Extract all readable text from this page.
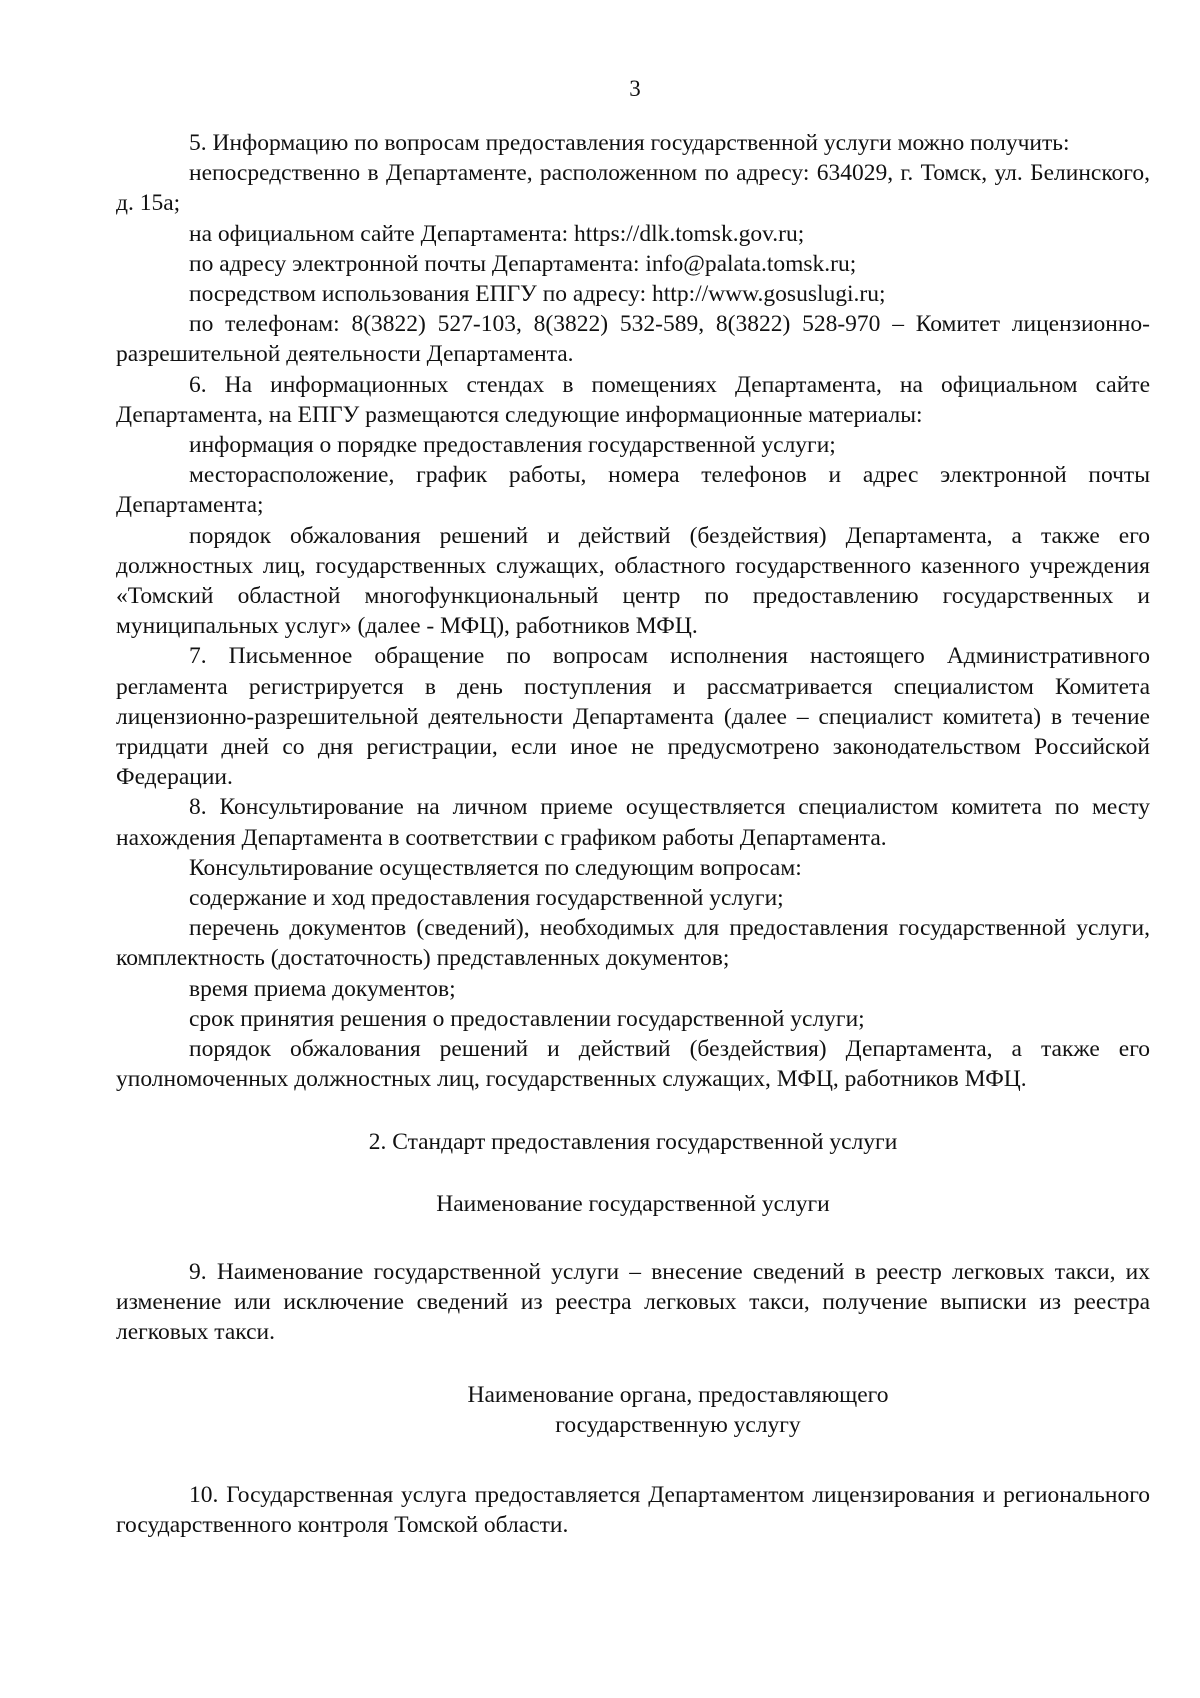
3

5. Информацию по вопросам предоставления государственной услуги можно получить:

непосредственно в Департаменте, расположенном по адресу: 634029, г. Томск, ул. Белинского, д. 15а;

на официальном сайте Департамента: https://dlk.tomsk.gov.ru;

по адресу электронной почты Департамента: info@palata.tomsk.ru;

посредством использования ЕПГУ по адресу: http://www.gosuslugi.ru;

по телефонам: 8(3822) 527-103, 8(3822) 532-589, 8(3822) 528-970 – Комитет лицензионно-разрешительной деятельности Департамента.

6. На информационных стендах в помещениях Департамента, на официальном сайте Департамента, на ЕПГУ размещаются следующие информационные материалы:

информация о порядке предоставления государственной услуги;

месторасположение, график работы, номера телефонов и адрес электронной почты Департамента;

порядок обжалования решений и действий (бездействия) Департамента, а также его должностных лиц, государственных служащих, областного государственного казенного учреждения «Томский областной многофункциональный центр по предоставлению государственных и муниципальных услуг» (далее - МФЦ), работников МФЦ.

7. Письменное обращение по вопросам исполнения настоящего Административного регламента регистрируется в день поступления и рассматривается специалистом Комитета лицензионно-разрешительной деятельности Департамента (далее – специалист комитета) в течение тридцати дней со дня регистрации, если иное не предусмотрено законодательством Российской Федерации.

8. Консультирование на личном приеме осуществляется специалистом комитета по месту нахождения Департамента в соответствии с графиком работы Департамента.

Консультирование осуществляется по следующим вопросам:

содержание и ход предоставления государственной услуги;

перечень документов (сведений), необходимых для предоставления государственной услуги, комплектность (достаточность) представленных документов;

время приема документов;

срок принятия решения о предоставлении государственной услуги;

порядок обжалования решений и действий (бездействия) Департамента, а также его уполномоченных должностных лиц, государственных служащих, МФЦ, работников МФЦ.

2. Стандарт предоставления государственной услуги
Наименование государственной услуги

9. Наименование государственной услуги – внесение сведений в реестр легковых такси, их изменение или исключение сведений из реестра легковых такси, получение выписки из реестра легковых такси.

Наименование органа, предоставляющего
государственную услугу

10. Государственная услуга предоставляется Департаментом лицензирования и регионального государственного контроля Томской области.
